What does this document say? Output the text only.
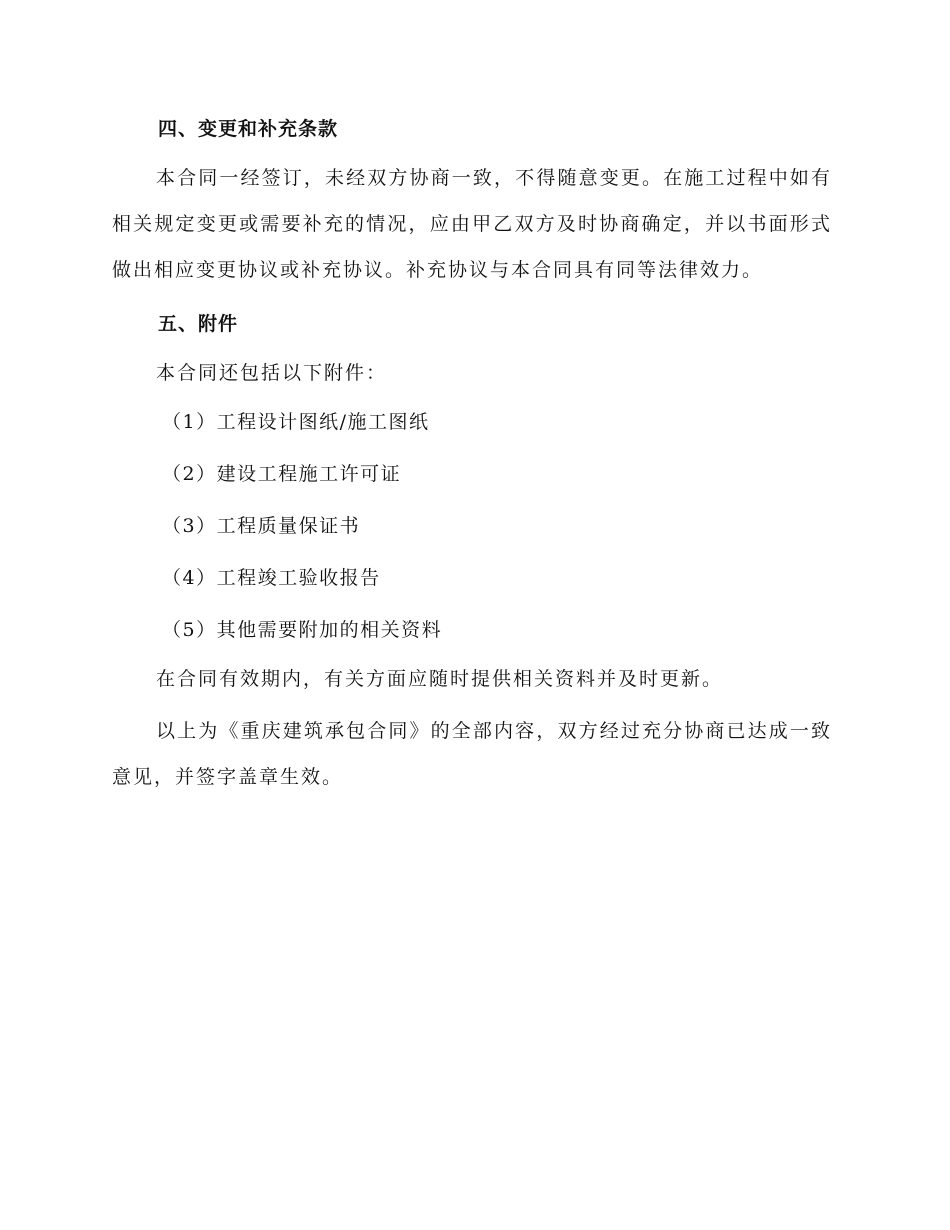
四、变更和补充条款

本合同一经签订，未经双方协商一致，不得随意变更。在施工过程中如有相关规定变更或需要补充的情况，应由甲乙双方及时协商确定，并以书面形式做出相应变更协议或补充协议。补充协议与本合同具有同等法律效力。

五、附件

本合同还包括以下附件：

（1）工程设计图纸/施工图纸
（2）建设工程施工许可证
（3）工程质量保证书
（4）工程竣工验收报告
（5）其他需要附加的相关资料

在合同有效期内，有关方面应随时提供相关资料并及时更新。

以上为《重庆建筑承包合同》的全部内容，双方经过充分协商已达成一致意见，并签字盖章生效。
